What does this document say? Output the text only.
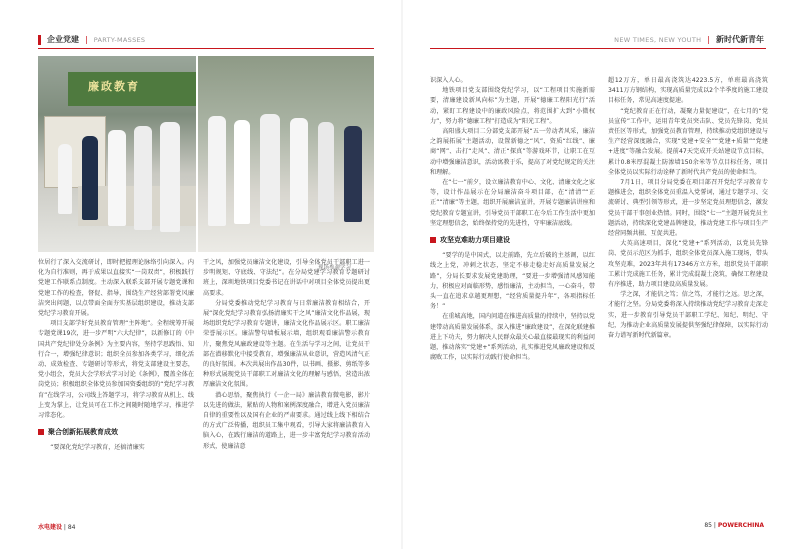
企业党建 | PARTY-MASSES
廉政教育
现场参观学习

位居行了深入交流研讨，即时把握理论脉络引向深入。内化为自行准则，再于成果以直接实“一岗双责”，积极践行党建工作联系点制度。主动深入联系支部开展专题党课和党建工作的检查，督促、指导，围绕生产经营部署党风廉洁突出问题，以点带面全面夯实基层组织建设，推动支部党纪学习教育开展。

项目支部学好党员教育管理“主阵地”。全程统筹开展专题党课19次，进一步严明“六大纪律”，以新修订的《中国共产党纪律处分条例》为主要内容，坚持学思践悟、知行合一，增强纪律意识；组织全员参加各类学习，细化活动、成效检查、专题研讨等形式，将党支部建设主要态，党小组会，党员大会学形式学习讨论《条例》，覆盖全体在岗党员；积极组织全体党员参加国资委组织的“党纪学习教育”在线学习，公司线上答题学习，将学习教育从机上、线上变为掌上，让党员可在工作之间随时随地学习，推进学习常态化。

聚合创新拓展教育成效

“要深化党纪学习教育，还搞清廉实

干之风，加强党员廉洁文化建设，引导全体党员干部职工进一步明规矩、守底线、守法纪”。在分局党建学习教育专题研讨班上，深圳地铁项目党委书记在讲话中对项目全体党员提出更高要求。

分局党委推动党纪学习教育与日常廉洁教育相结合，开展“深化党纪学习教育弘扬清廉实干之风”廉洁文化作品展，现场组织党纪学习教育专题讲，廉洁文化作品展示区。职工廉洁荣誉展示区。廉洁警句墙板展示墙，组织观看廉洁警示教育片，聚焦党风廉政建设等主题。在生活与学习之间，让党员干部在潜移默化中接受教育，增强廉洁从业意识，营造风清气正的良好氛围。本次共展出作品30件，以书画、摄影、剪纸等多种形式展现党员干部职工对廉洁文化的理解与感悟，营造出浓厚廉洁文化氛围。

潜心思悟，聚焦执行《一企一局》廉洁教育微电影，影片以先进的做法，紧贴的人物和案例深度融合，增进入党员廉洁自律的重要性以及国有企业的严肃要求。通过线上线下相结合的方式广泛传播，组织员工集中观看，引导大家将廉洁教育入脑入心，在践行廉洁的道路上，进一步丰富党纪学习教育活动形式，使廉洁意

水电建设 | 84
NEW TIMES, NEW YOUTH | 新时代新青年

识深入人心。

地铁项目党支部围绕党纪学习，以“工程项目实施新需要，清廉建设新风向标”为主题，开展“德廉工程阳光行”活动，紧盯工程建设中的廉政风险点，将范围扩大到“小微权力”，努力将“德廉工程”打造成为“阳光工程”。

高阳盛大项目二分部党支部开展“五一劳动者风采，廉洁之韵展拓展”主题活动，设置新德之“风”、资质“红线”、廉商“网”、击打“走风”、清正“探真”等游戏环节，让职工在互动中增强廉洁意识，活动寓教于乐，提高了对党纪规定的关注和理解。

在“七一”前夕，设立廉洁教育中心、文化、清廉文化之家等，设计作品展示在分局廉洁奋斗项目部，在“清清”“正正”“清廉”等主题，组织开展廉洁宣讲，开展专题廉洁讲座和党纪教育专题宣讲，引导党员干部职工在今后工作生活中更加坚定理想信念，始终保持党的先进性，守牢廉洁底线。

攻坚克难助力项目建设

“要学的是中国式，以走前路，先立后破的主基调，以红线之上党，冲刺之状态，坚定不移走稳走好高质量发展之路”，分局长要求发展党建助理，“要进一步增强清风感知能力，积极应对面临形势，感悟廉洁，主动担当，一心奋斗，带头一直在追求卓越更理想，“经营质量提升年”，各项指标任务！”

在重城高地，国内问道在推进高质量的持续中，坚持以党建带动高质量发展体系，深入推进“廉政建设”，在深化联建推进上下功夫，努力解决人民群众最关心最直接最现实的利益问题，推动落实“党建+”系列活动，扎实推进党风廉政建设和反腐败工作，以实际行动践行使命担当。

超12万方，单日最高浇筑达4223.5方，单班最高浇筑3411万方钢结构，实现高质量完成以2个半季度的施工建设目标任务，常见高速度提速。

“党纪教育正在行动，凝聚力量促建设”，在七月的“党员宣传”工作中，运用青年党员突击队、党员先锋岗、党员责任区等形式，加强党员教育管理，持续推动党组织建设与生产经营深度融合，实现“党建+安全”“党建+质量”“党建+进度”等融合发展。提前47天完成开关站建设节点目标，累计0.8米厚混凝土防渗墙150余米等节点目标任务，项目全体党员以实际行动诠释了新时代共产党员的使命担当。

7月1日，项目分局党委在项目部召开党纪学习教育专题推进会，组织全体党员重温入党誓词，通过专题学习、交流研讨、典型引领等形式，进一步坚定党员理想信念，激发党员干部干事创业热情。同时，围绕“七一”主题开展党员主题活动，持续深化党建品牌建设，推动党建工作与项目生产经营同频共振、互促共进。

大英高速项目，深化“党建+”系列活动，以党员先锋岗、党员示范区为抓手，组织全体党员深入施工现场，带头攻坚克难，2023年共有17346方立方米，组织党员干部职工累计完成施工任务，累计完成混凝土浇筑，确保工程建设有序推进，助力项目建设高质量发展。

学之深，才能信之笃；信之笃，才能行之远。思之深，才能行之坚。分局党委将深入持续推动党纪学习教育走深走实，进一步教育引导党员干部职工学纪、知纪、明纪、守纪，为推动企业高质量发展提供坚强纪律保障，以实际行动奋力谱写新时代新篇章。

85 | POWERCHINA
